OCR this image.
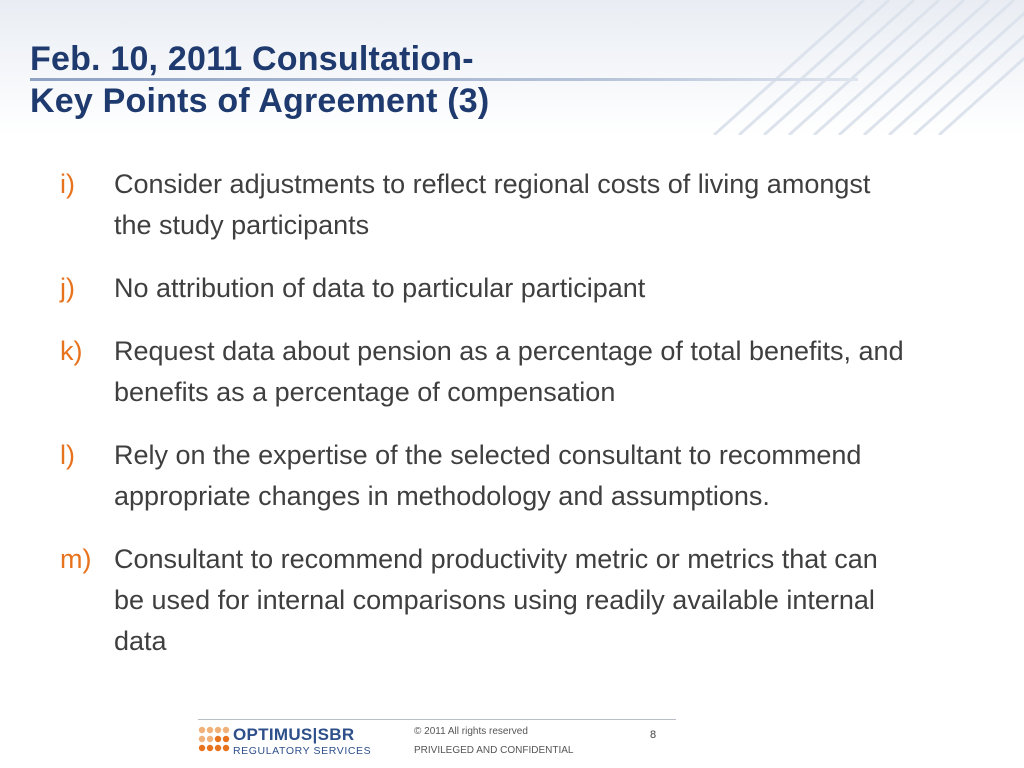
Feb. 10, 2011 Consultation-
Key Points of Agreement (3)
i)	Consider adjustments to reflect regional costs of living amongst the study participants
j)	No attribution of data to particular participant
k)	Request data about pension as a percentage of total benefits, and benefits as a percentage of compensation
l)	Rely on the expertise of the selected consultant to recommend appropriate changes in methodology and assumptions.
m) Consultant to recommend productivity metric or metrics that can be used for internal comparisons using readily available internal data
OPTIMUS|SBR
REGULATORY SERVICES
© 2011 All rights reserved
PRIVILEGED AND CONFIDENTIAL
8
